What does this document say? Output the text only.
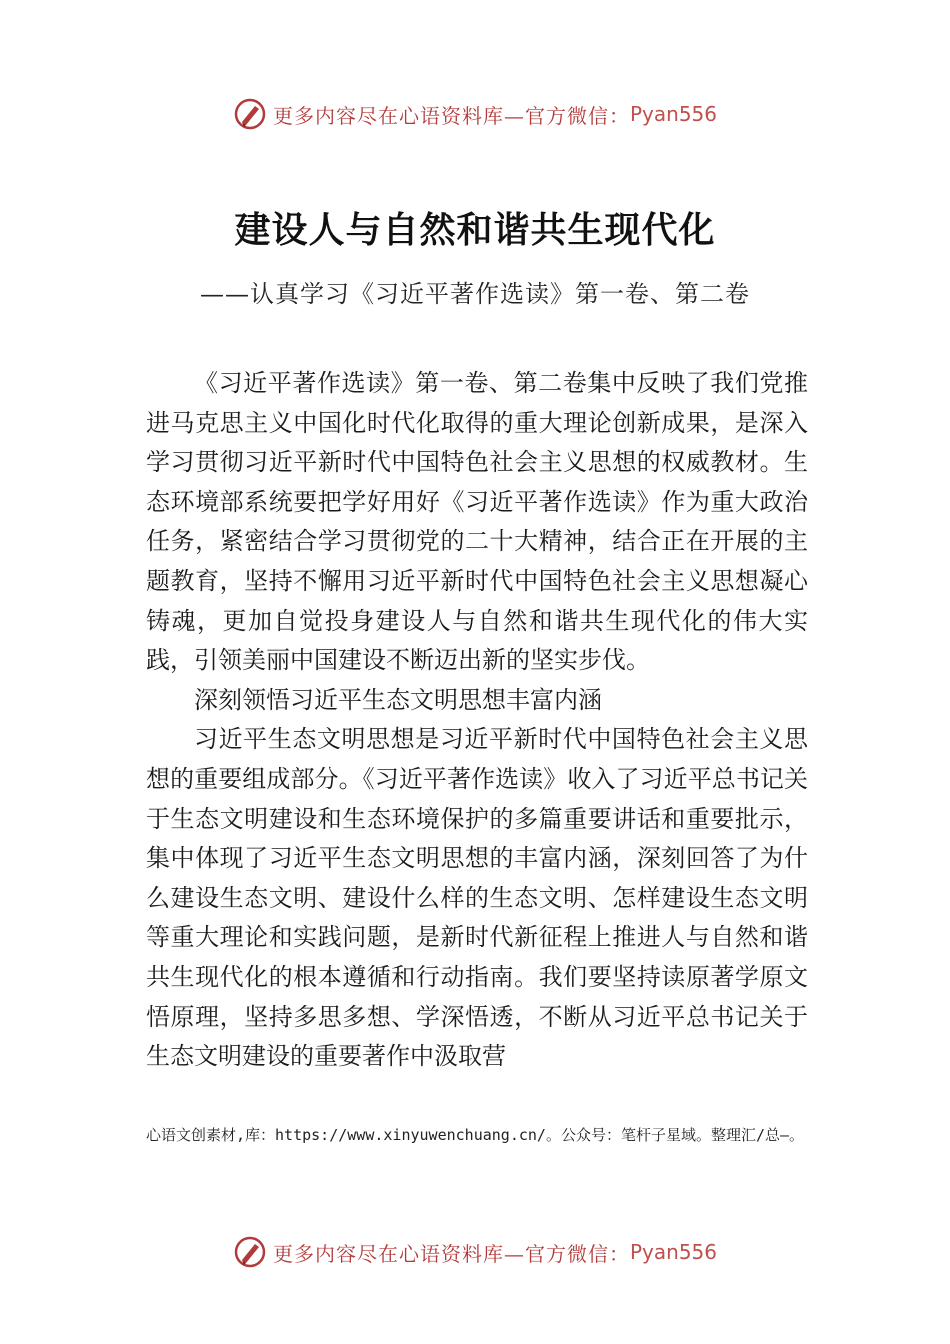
更多内容尽在心语资料库—官方微信： Pyan556
建设人与自然和谐共生现代化
——认真学习《习近平著作选读》第一卷、第二卷

《习近平著作选读》第一卷、第二卷集中反映了我们党推进马克思主义中国化时代化取得的重大理论创新成果，是深入学习贯彻习近平新时代中国特色社会主义思想的权威教材。生态环境部系统要把学好用好《习近平著作选读》作为重大政治任务，紧密结合学习贯彻党的二十大精神，结合正在开展的主题教育，坚持不懈用习近平新时代中国特色社会主义思想凝心铸魂，更加自觉投身建设人与自然和谐共生现代化的伟大实践，引领美丽中国建设不断迈出新的坚实步伐。

深刻领悟习近平生态文明思想丰富内涵

习近平生态文明思想是习近平新时代中国特色社会主义思想的重要组成部分。《习近平著作选读》收入了习近平总书记关于生态文明建设和生态环境保护的多篇重要讲话和重要批示，集中体现了习近平生态文明思想的丰富内涵，深刻回答了为什么建设生态文明、建设什么样的生态文明、怎样建设生态文明等重大理论和实践问题，是新时代新征程上推进人与自然和谐共生现代化的根本遵循和行动指南。我们要坚持读原著学原文悟原理，坚持多思多想、学深悟透，不断从习近平总书记关于生态文明建设的重要著作中汲取营

心语文创素材,库：https://www.xinyuwenchuang.cn/。公众号：笔杆子星域。整理汇/总—。
更多内容尽在心语资料库—官方微信： Pyan556
